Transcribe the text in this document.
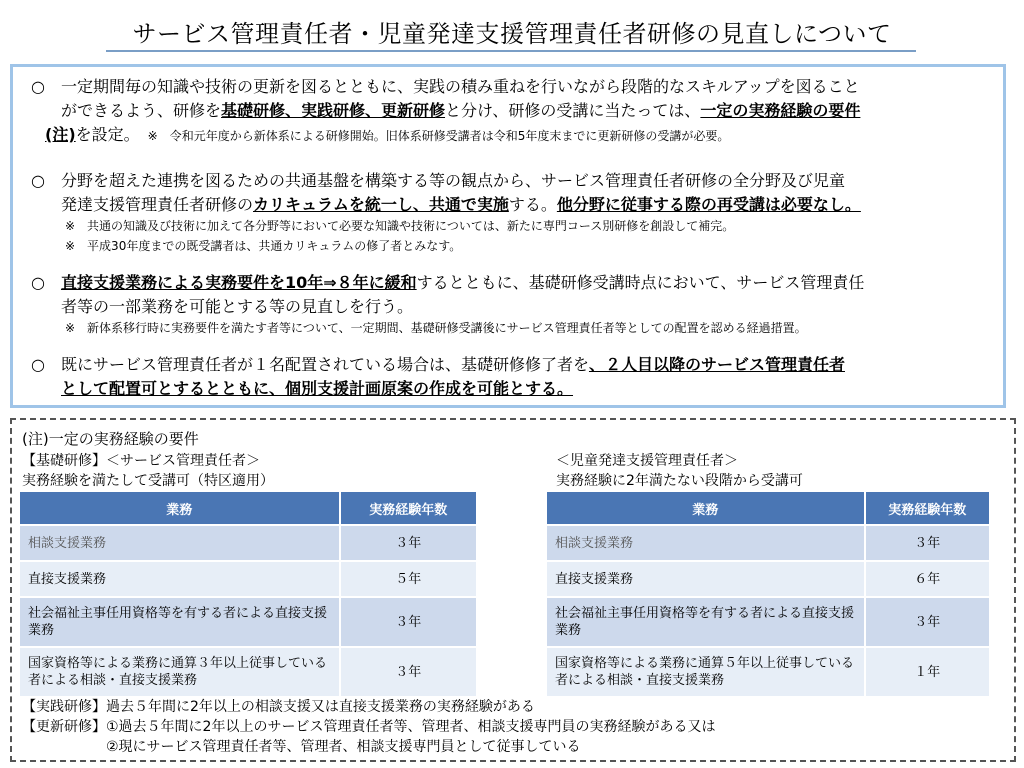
サービス管理責任者・児童発達支援管理責任者研修の見直しについて
○　一定期間毎の知識や技術の更新を図るとともに、実践の積み重ねを行いながら段階的なスキルアップを図ること
ができるよう、研修を基礎研修、実践研修、更新研修と分け、研修の受講に当たっては、一定の実務経験の要件
(注)を設定。　※　令和元年度から新体系による研修開始。旧体系研修受講者は令和5年度末までに更新研修の受講が必要。
○　分野を超えた連携を図るための共通基盤を構築する等の観点から、サービス管理責任者研修の全分野及び児童
発達支援管理責任者研修のカリキュラムを統一し、共通で実施する。他分野に従事する際の再受講は必要なし。
※　共通の知識及び技術に加えて各分野等において必要な知識や技術については、新たに専門コース別研修を創設して補完。
※　平成30年度までの既受講者は、共通カリキュラムの修了者とみなす。
○　直接支援業務による実務要件を10年⇒８年に緩和するとともに、基礎研修受講時点において、サービス管理責任
者等の一部業務を可能とする等の見直しを行う。
※　新体系移行時に実務要件を満たす者等について、一定期間、基礎研修受講後にサービス管理責任者等としての配置を認める経過措置。
○　既にサービス管理責任者が１名配置されている場合は、基礎研修修了者を、２人目以降のサービス管理責任者
として配置可とするとともに、個別支援計画原案の作成を可能とする。
(注)一定の実務経験の要件
【基礎研修】＜サービス管理責任者＞
実務経験を満たして受講可（特区適用）
＜児童発達支援管理責任者＞
実務経験に2年満たない段階から受講可
業務	実務経験年数
相談支援業務	３年
直接支援業務	５年
社会福祉主事任用資格等を有する者による直接支援業務	３年
国家資格等による業務に通算３年以上従事している者による相談・直接支援業務	３年
業務	実務経験年数
相談支援業務	３年
直接支援業務	６年
社会福祉主事任用資格等を有する者による直接支援業務	３年
国家資格等による業務に通算５年以上従事している者による相談・直接支援業務	１年
【実践研修】過去５年間に2年以上の相談支援又は直接支援業務の実務経験がある
【更新研修】①過去５年間に2年以上のサービス管理責任者等、管理者、相談支援専門員の実務経験がある又は
②現にサービス管理責任者等、管理者、相談支援専門員として従事している
